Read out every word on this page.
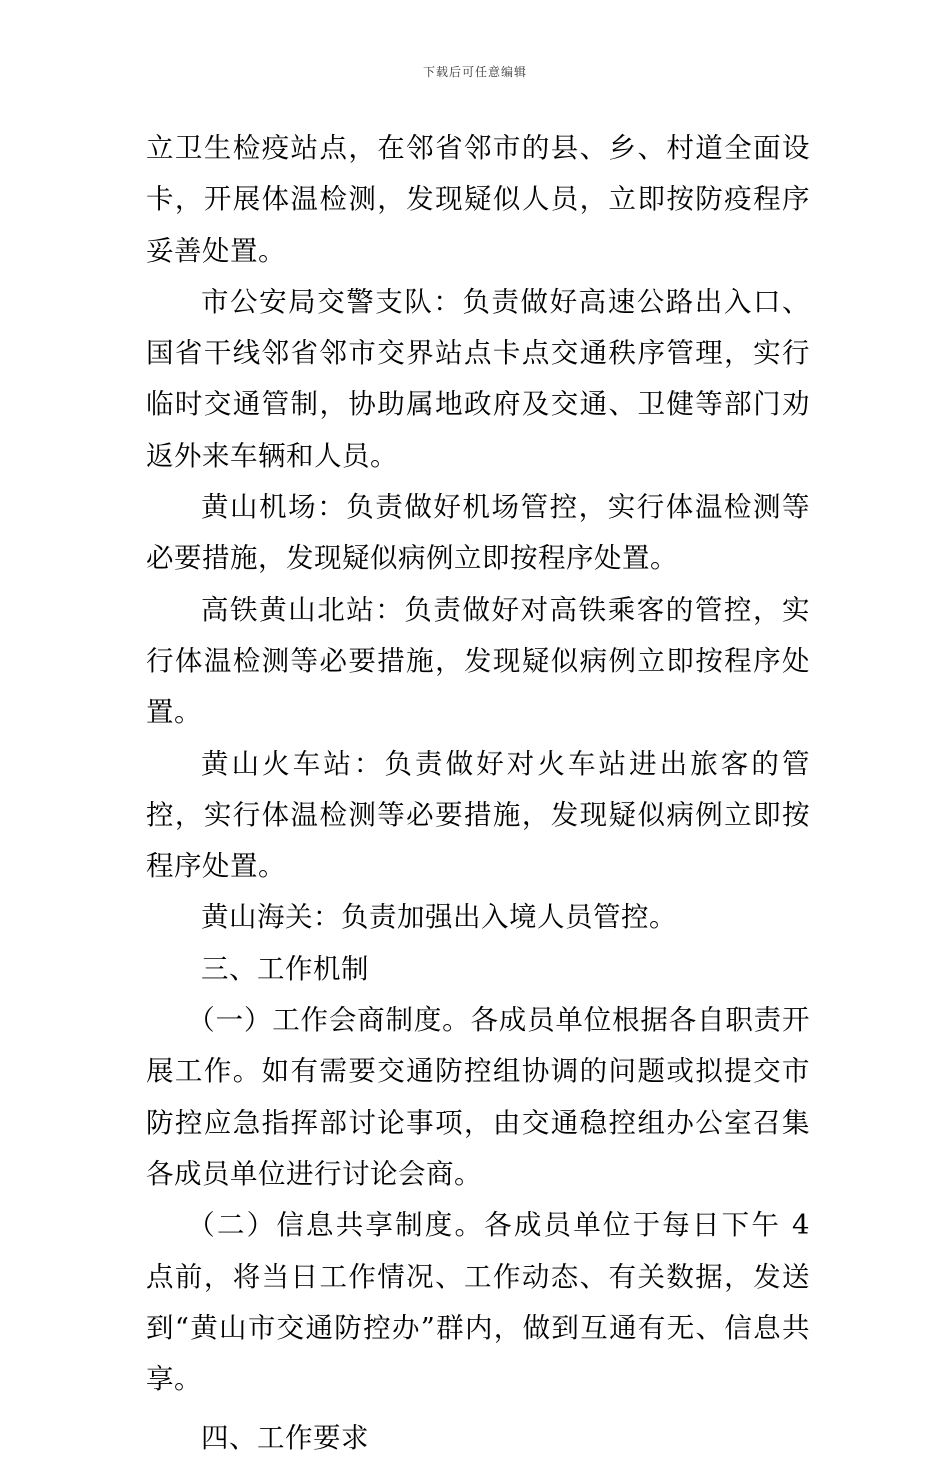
下载后可任意编辑

立卫生检疫站点，在邻省邻市的县、乡、村道全面设卡，开展体温检测，发现疑似人员，立即按防疫程序妥善处置。

市公安局交警支队：负责做好高速公路出入口、国省干线邻省邻市交界站点卡点交通秩序管理，实行临时交通管制，协助属地政府及交通、卫健等部门劝返外来车辆和人员。

黄山机场：负责做好机场管控，实行体温检测等必要措施，发现疑似病例立即按程序处置。

高铁黄山北站：负责做好对高铁乘客的管控，实行体温检测等必要措施，发现疑似病例立即按程序处置。

黄山火车站：负责做好对火车站进出旅客的管控，实行体温检测等必要措施，发现疑似病例立即按程序处置。

黄山海关：负责加强出入境人员管控。

三、工作机制

（一）工作会商制度。各成员单位根据各自职责开展工作。如有需要交通防控组协调的问题或拟提交市防控应急指挥部讨论事项，由交通稳控组办公室召集各成员单位进行讨论会商。

（二）信息共享制度。各成员单位于每日下午 4 点前，将当日工作情况、工作动态、有关数据，发送到“黄山市交通防控办”群内，做到互通有无、信息共享。

四、工作要求
